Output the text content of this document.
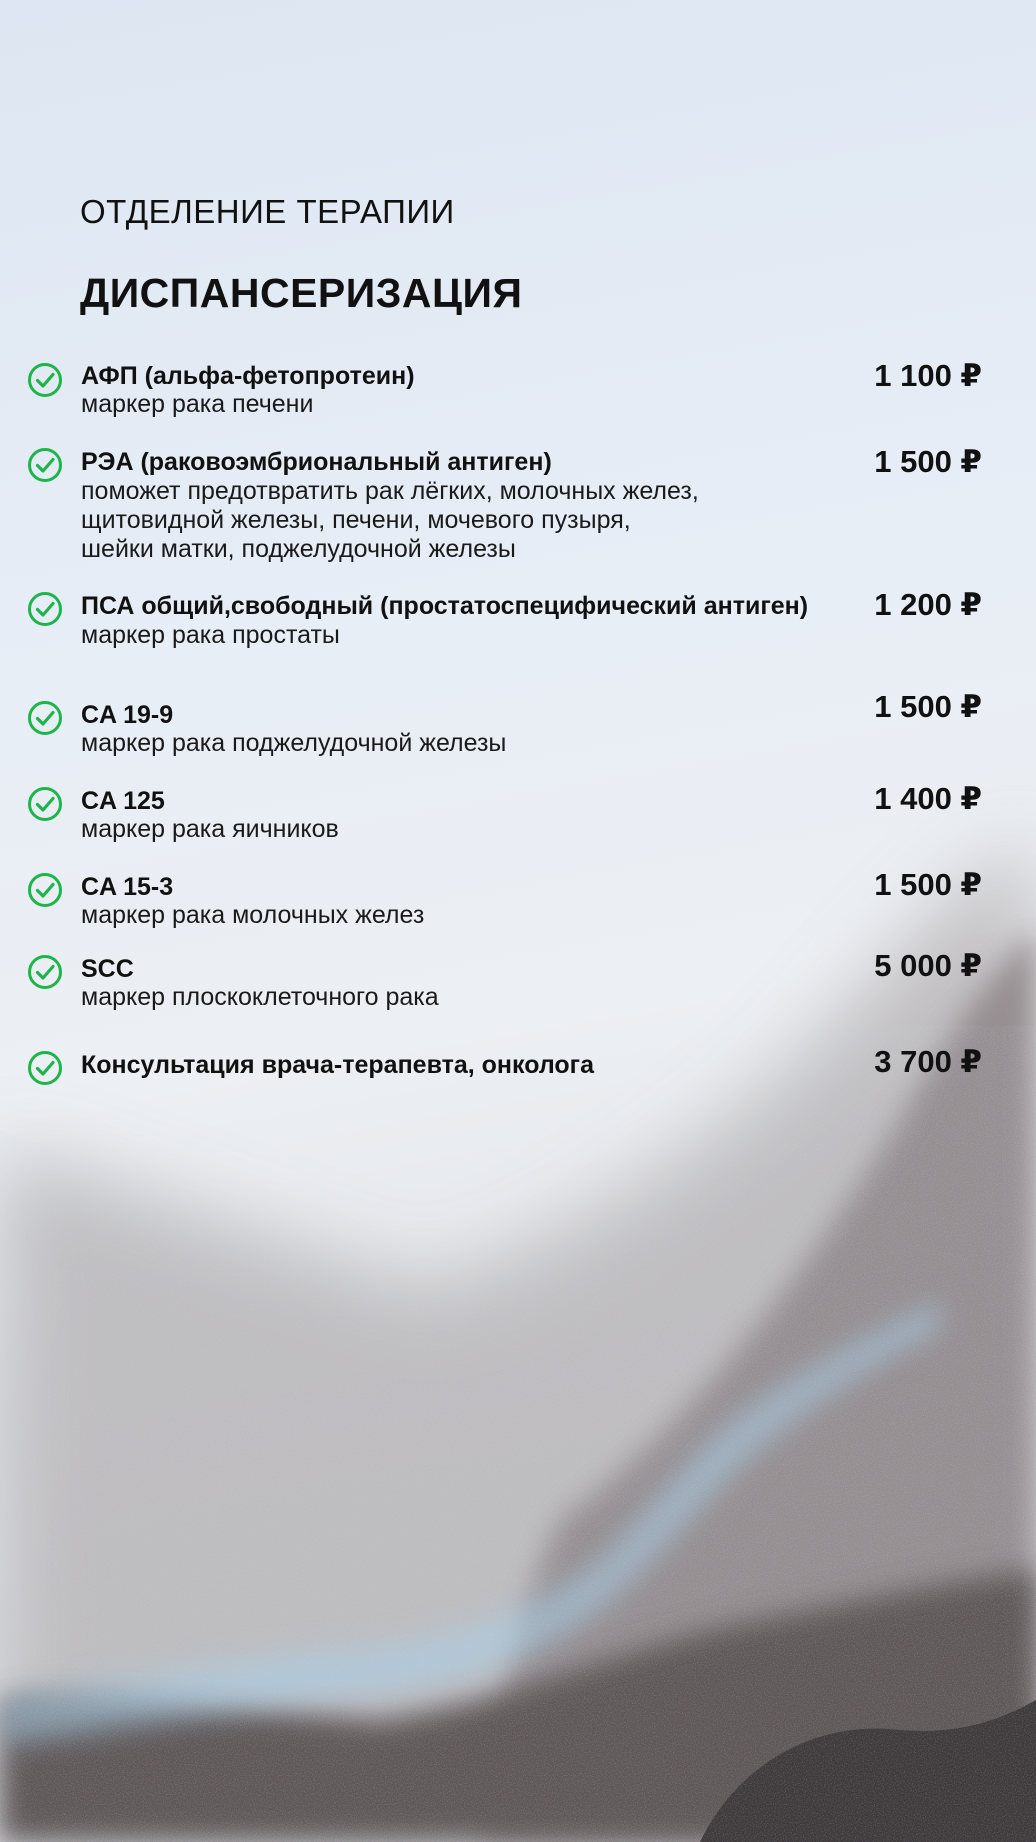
ОТДЕЛЕНИЕ ТЕРАПИИ
ДИСПАНСЕРИЗАЦИЯ
АФП (альфа-фетопротеин)
маркер рака печени
1 100 ₽
РЭА (раковоэмбриональный антиген)
поможет предотвратить рак лёгких, молочных желез,
щитовидной железы, печени, мочевого пузыря,
шейки матки, поджелудочной железы
1 500 ₽
ПСА общий,свободный (простатоспецифический антиген)
маркер рака простаты
1 200 ₽
CA 19-9
маркер рака поджелудочной железы
1 500 ₽
CA 125
маркер рака яичников
1 400 ₽
CA 15-3
маркер рака молочных желез
1 500 ₽
SCC
маркер плоскоклеточного рака
5 000 ₽
Консультация врача-терапевта, онколога	3 700 ₽
